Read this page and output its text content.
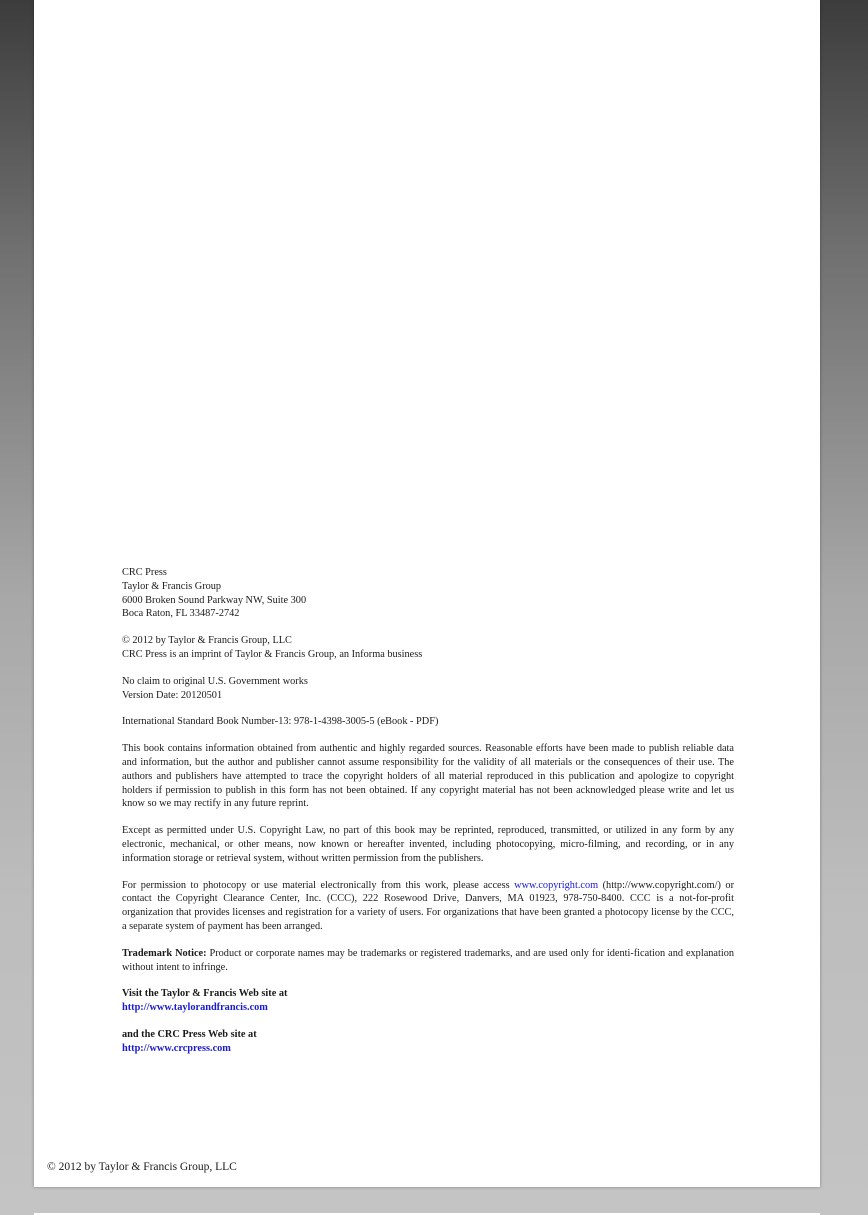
CRC Press

Taylor & Francis Group

6000 Broken Sound Parkway NW, Suite 300

Boca Raton, FL 33487-2742

© 2012 by Taylor & Francis Group, LLC

CRC Press is an imprint of Taylor & Francis Group, an Informa business

No claim to original U.S. Government works

Version Date: 20120501

International Standard Book Number-13: 978-1-4398-3005-5 (eBook - PDF)

This book contains information obtained from authentic and highly regarded sources. Reasonable efforts have been made to publish reliable data and information, but the author and publisher cannot assume responsibility for the validity of all materials or the consequences of their use. The authors and publishers have attempted to trace the copyright holders of all material reproduced in this publication and apologize to copyright holders if permission to publish in this form has not been obtained. If any copyright material has not been acknowledged please write and let us know so we may rectify in any future reprint.

Except as permitted under U.S. Copyright Law, no part of this book may be reprinted, reproduced, transmitted, or utilized in any form by any electronic, mechanical, or other means, now known or hereafter invented, including photocopying, micro-filming, and recording, or in any information storage or retrieval system, without written permission from the publishers.

For permission to photocopy or use material electronically from this work, please access www.copyright.com (http://www.copyright.com/) or contact the Copyright Clearance Center, Inc. (CCC), 222 Rosewood Drive, Danvers, MA 01923, 978-750-8400. CCC is a not-for-profit organization that provides licenses and registration for a variety of users. For organizations that have been granted a photocopy license by the CCC, a separate system of payment has been arranged.

Trademark Notice: Product or corporate names may be trademarks or registered trademarks, and are used only for identi-fication and explanation without intent to infringe.

Visit the Taylor & Francis Web site at

http://www.taylorandfrancis.com

and the CRC Press Web site at

http://www.crcpress.com

© 2012 by Taylor & Francis Group, LLC
